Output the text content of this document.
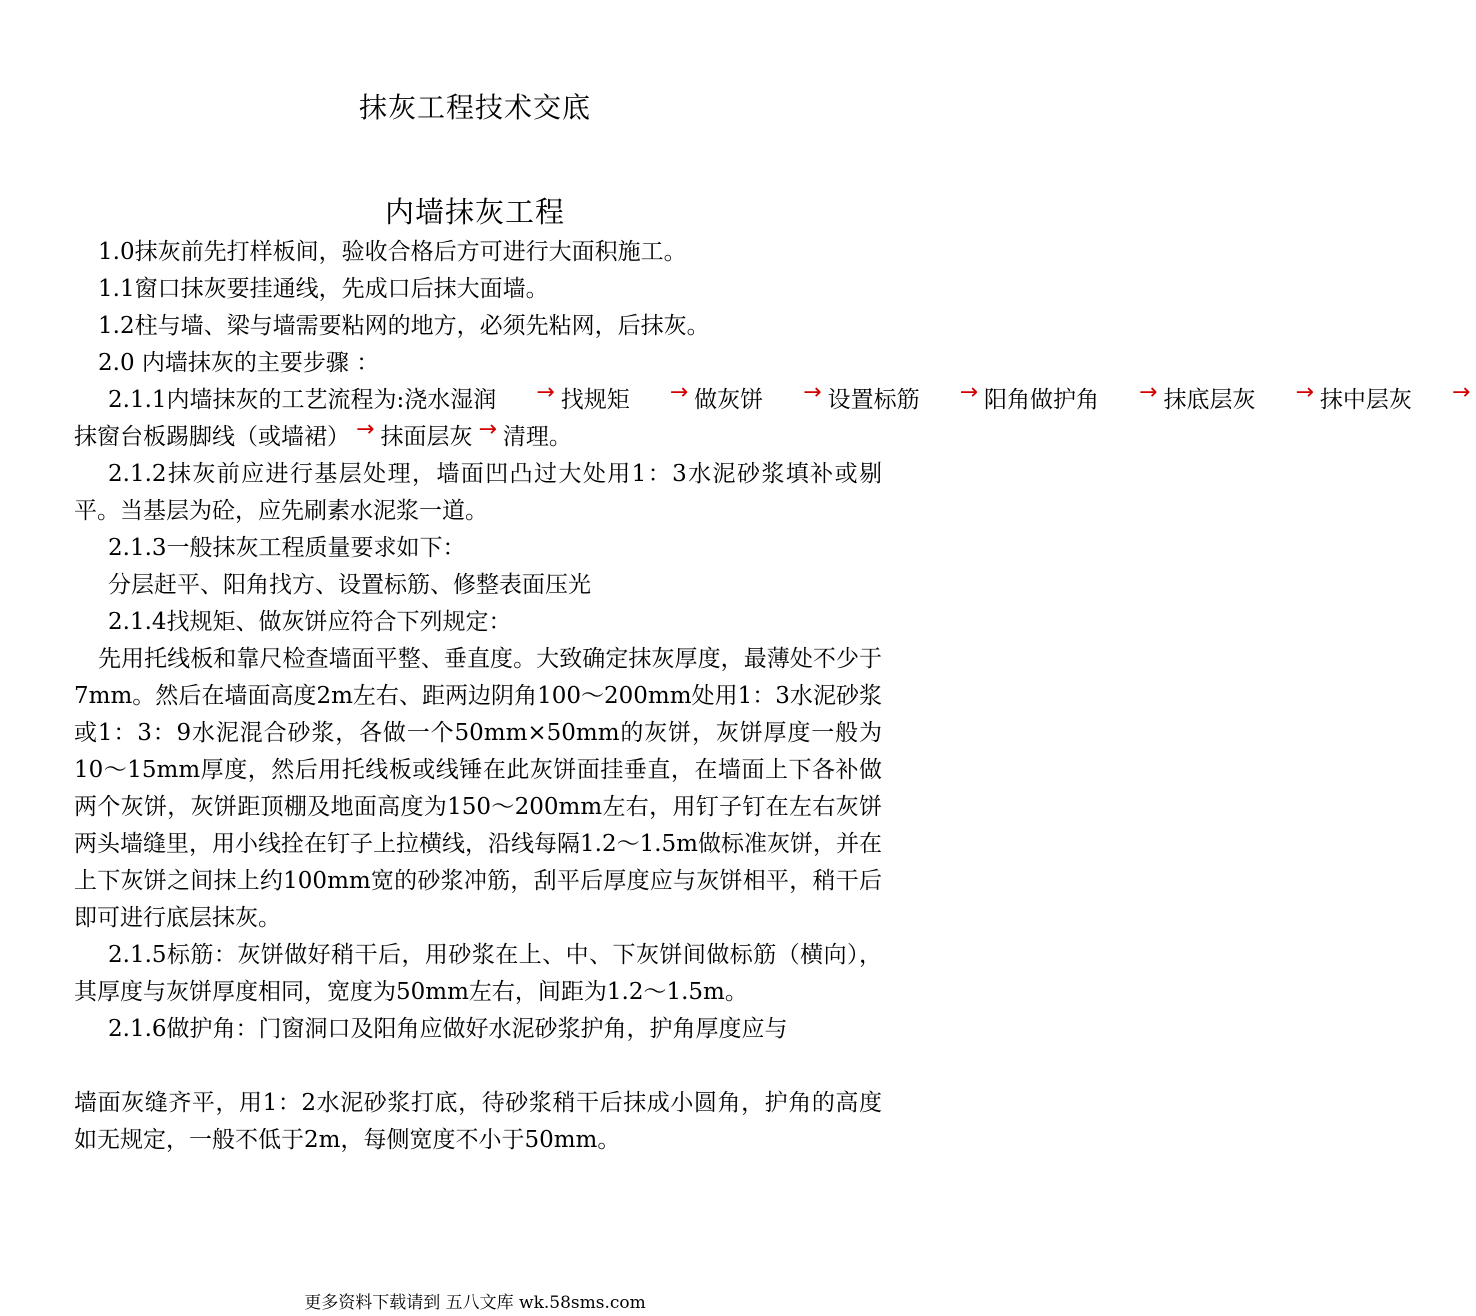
抹灰工程技术交底
内墙抹灰工程

1.0抹灰前先打样板间，验收合格后方可进行大面积施工。

1.1窗口抹灰要挂通线，先成口后抹大面墙。

1.2柱与墙、梁与墙需要粘网的地方，必须先粘网，后抹灰。

2.0 内墙抹灰的主要步骤 ：

2.1.1内墙抹灰的工艺流程为:浇水湿润 → 找规矩 → 做灰饼 → 设置标筋 → 阳角做护角 → 抹底层灰 → 抹中层灰 →

抹窗台板踢脚线（或墙裙） → 抹面层灰 → 清理。

2.1.2抹灰前应进行基层处理，墙面凹凸过大处用1：3水泥砂浆填补或剔平。当基层为砼，应先刷素水泥浆一道。

2.1.3一般抹灰工程质量要求如下：

分层赶平、阳角找方、设置标筋、修整表面压光

2.1.4找规矩、做灰饼应符合下列规定：

先用托线板和靠尺检查墙面平整、垂直度。大致确定抹灰厚度，最薄处不少于7mm。然后在墙面高度2m左右、距两边阴角100～200mm处用1：3水泥砂浆或1：3：9水泥混合砂浆，各做一个50mm×50mm的灰饼，灰饼厚度一般为10～15mm厚度，然后用托线板或线锤在此灰饼面挂垂直，在墙面上下各补做两个灰饼，灰饼距顶棚及地面高度为150～200mm左右，用钉子钉在左右灰饼两头墙缝里，用小线拴在钉子上拉横线，沿线每隔1.2～1.5m做标准灰饼，并在上下灰饼之间抹上约100mm宽的砂浆冲筋，刮平后厚度应与灰饼相平，稍干后即可进行底层抹灰。

2.1.5标筋：灰饼做好稍干后，用砂浆在上、中、下灰饼间做标筋（横向），其厚度与灰饼厚度相同，宽度为50mm左右，间距为1.2～1.5m。

2.1.6做护角：门窗洞口及阳角应做好水泥砂浆护角，护角厚度应与

墙面灰缝齐平，用1：2水泥砂浆打底，待砂浆稍干后抹成小圆角，护角的高度如无规定，一般不低于2m，每侧宽度不小于50mm。

更多资料下载请到 五八文库 wk.58sms.com
